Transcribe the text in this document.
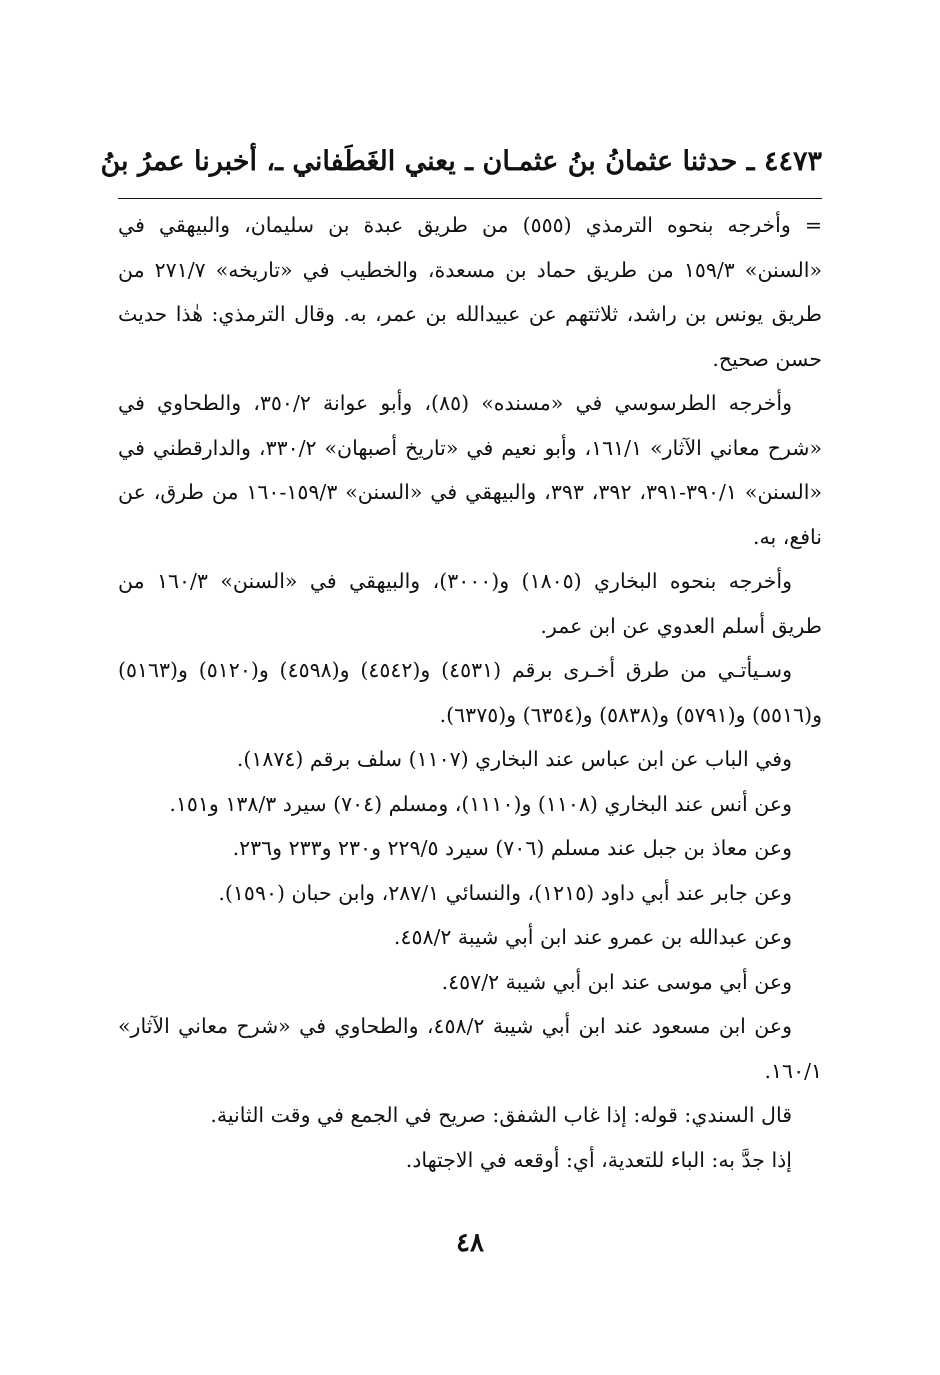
٤٤٧٣ ـ حدثنا عثمانُ بنُ عثمـان ـ يعني الغَطَفاني ـ، أخبرنا عمرُ بنُ

= وأخرجه بنحوه الترمذي (٥٥٥) من طريق عبدة بن سليمان، والبيهقي في «السنن» ١٥٩/٣ من طريق حماد بن مسعدة، والخطيب في «تاريخه» ٢٧١/٧ من طريق يونس بن راشد، ثلاثتهم عن عبيدالله بن عمر، به. وقال الترمذي: هٰذا حديث حسن صحيح.

وأخرجه الطرسوسي في «مسنده» (٨٥)، وأبو عوانة ٣٥٠/٢، والطحاوي في «شرح معاني الآثار» ١٦١/١، وأبو نعيم في «تاريخ أصبهان» ٣٣٠/٢، والدارقطني في «السنن» ٣٩٠/١-٣٩١، ٣٩٢، ٣٩٣، والبيهقي في «السنن» ١٥٩/٣-١٦٠ من طرق، عن نافع، به.

وأخرجه بنحوه البخاري (١٨٠٥) و(٣٠٠٠)، والبيهقي في «السنن» ١٦٠/٣ من طريق أسلم العدوي عن ابن عمر.

وسـيأتـي من طرق أخـرى برقم (٤٥٣١) و(٤٥٤٢) و(٤٥٩٨) و(٥١٢٠) و(٥١٦٣) و(٥٥١٦) و(٥٧٩١) و(٥٨٣٨) و(٦٣٥٤) و(٦٣٧٥).

وفي الباب عن ابن عباس عند البخاري (١١٠٧) سلف برقم (١٨٧٤).

وعن أنس عند البخاري (١١٠٨) و(١١١٠)، ومسلم (٧٠٤) سيرد ١٣٨/٣ و١٥١.

وعن معاذ بن جبل عند مسلم (٧٠٦) سيرد ٢٢٩/٥ و٢٣٠ و٢٣٣ و٢٣٦.

وعن جابر عند أبي داود (١٢١٥)، والنسائي ٢٨٧/١، وابن حبان (١٥٩٠).

وعن عبدالله بن عمرو عند ابن أبي شيبة ٤٥٨/٢.

وعن أبي موسى عند ابن أبي شيبة ٤٥٧/٢.

وعن ابن مسعود عند ابن أبي شيبة ٤٥٨/٢، والطحاوي في «شرح معاني الآثار» ١٦٠/١.

قال السندي: قوله: إذا غاب الشفق: صريح في الجمع في وقت الثانية.

إذا جدَّ به: الباء للتعدية، أي: أوقعه في الاجتهاد.

٤٨
